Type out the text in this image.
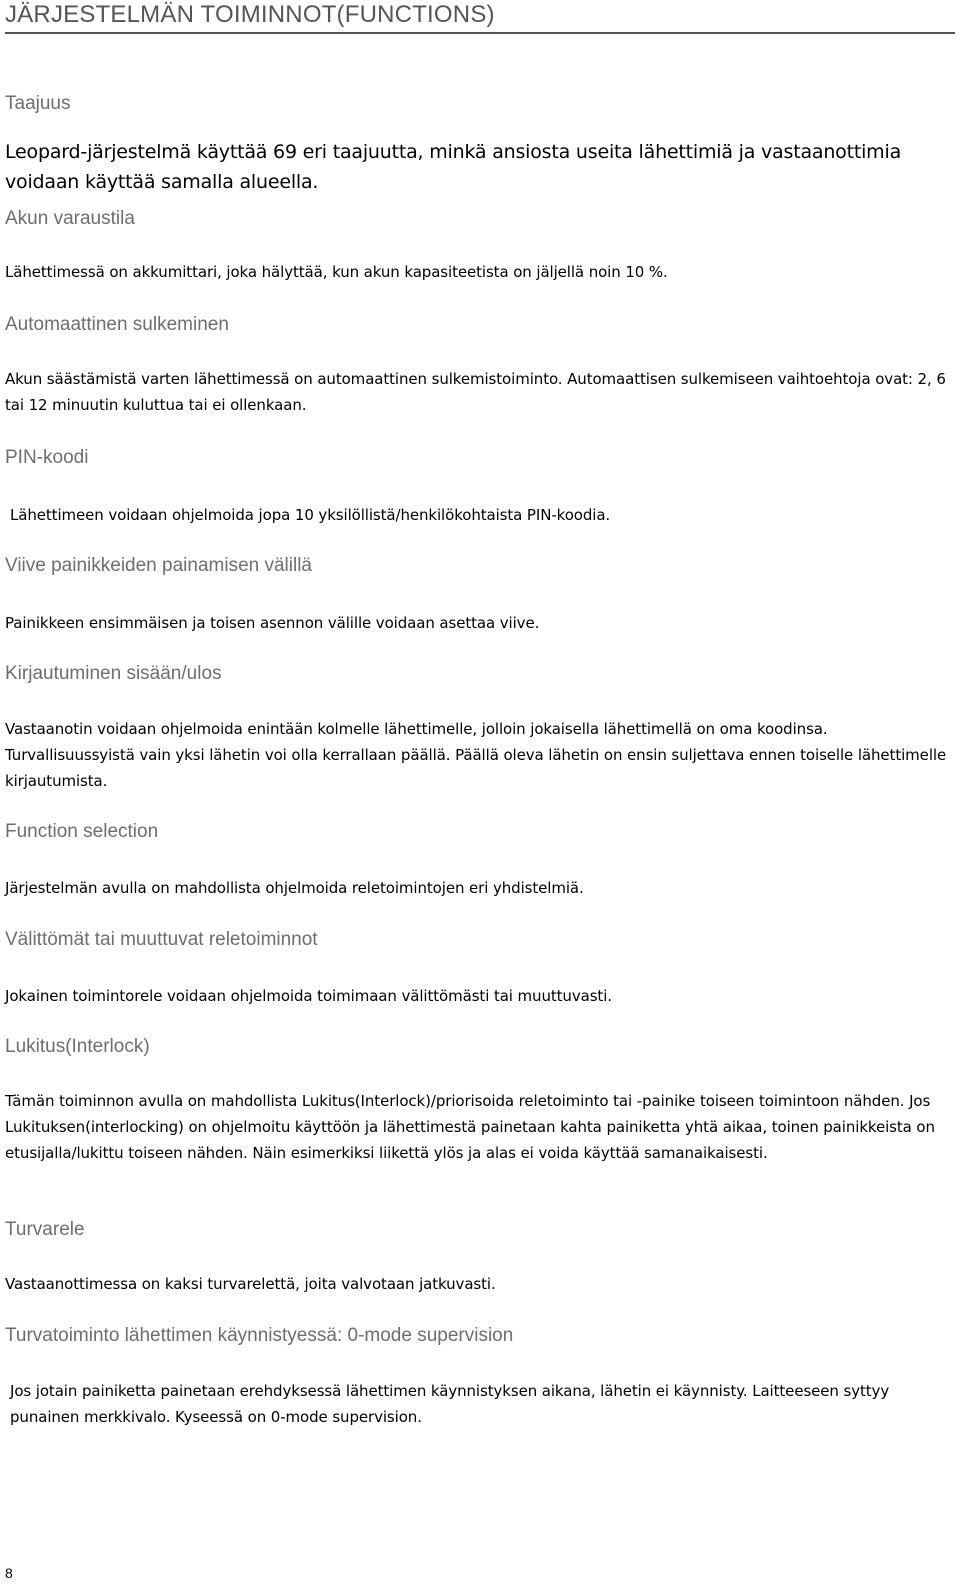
JÄRJESTELMÄN TOIMINNOT(FUNCTIONS)
Taajuus
Leopard-järjestelmä käyttää 69 eri taajuutta, minkä ansiosta useita lähettimiä ja vastaanottimia voidaan käyttää samalla alueella.
Akun varaustila
Lähettimessä on akkumittari, joka hälyttää, kun akun kapasiteetista on jäljellä noin 10 %.
Automaattinen sulkeminen
Akun säästämistä varten lähettimessä on automaattinen sulkemistoiminto. Automaattisen sulkemiseen vaihtoehtoja ovat: 2, 6 tai 12 minuutin kuluttua tai ei ollenkaan.
PIN-koodi
Lähettimeen voidaan ohjelmoida jopa 10 yksilöllistä/henkilökohtaista PIN-koodia.
Viive painikkeiden painamisen välillä
Painikkeen ensimmäisen ja toisen asennon välille voidaan asettaa viive.
Kirjautuminen sisään/ulos
Vastaanotin voidaan ohjelmoida enintään kolmelle lähettimelle, jolloin jokaisella lähettimellä on oma koodinsa. Turvallisuussyistä vain yksi lähetin voi olla kerrallaan päällä. Päällä oleva lähetin on ensin suljettava ennen toiselle lähettimelle kirjautumista.
Function selection
Järjestelmän avulla on mahdollista ohjelmoida reletoimintojen eri yhdistelmiä.
Välittömät tai muuttuvat reletoiminnot
Jokainen toimintorele voidaan ohjelmoida toimimaan välittömästi tai muuttuvasti.
Lukitus(Interlock)
Tämän toiminnon avulla on mahdollista Lukitus(Interlock)/priorisoida reletoiminto tai -painike toiseen toimintoon nähden. Jos Lukituksen(interlocking) on ohjelmoitu käyttöön ja lähettimestä painetaan kahta painiketta yhtä aikaa, toinen painikkeista on etusijalla/lukittu toiseen nähden. Näin esimerkiksi liikettä ylös ja alas ei voida käyttää samanaikaisesti.
Turvarele
Vastaanottimessa on kaksi turvarelettä, joita valvotaan jatkuvasti.
Turvatoiminto lähettimen käynnistyessä: 0-mode supervision
Jos jotain painiketta painetaan erehdyksessä lähettimen käynnistyksen aikana, lähetin ei käynnisty. Laitteeseen syttyy punainen merkkivalo. Kyseessä on 0-mode supervision.
8
